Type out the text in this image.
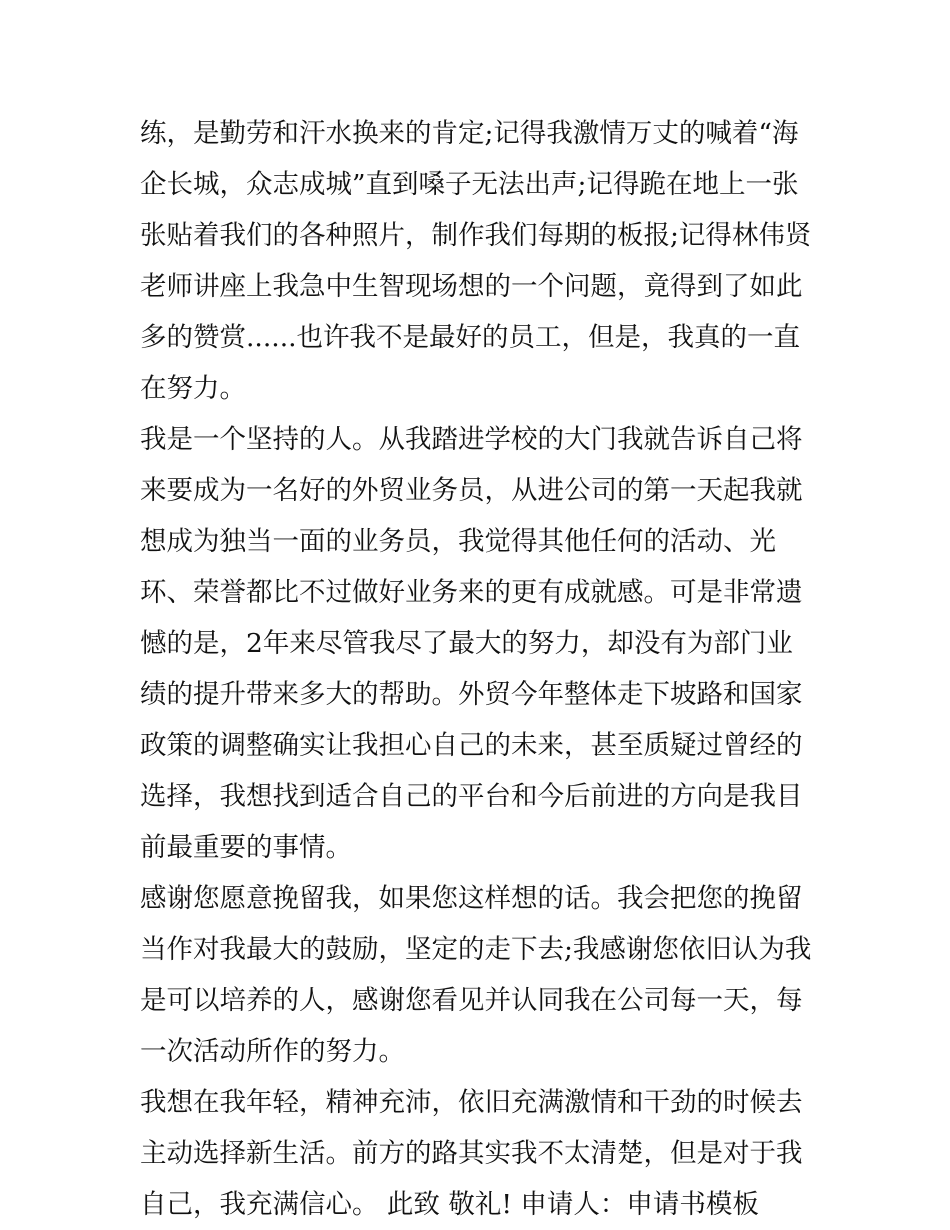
练，是勤劳和汗水换来的肯定;记得我激情万丈的喊着“海企长城，众志成城”直到嗓子无法出声;记得跪在地上一张张贴着我们的各种照片，制作我们每期的板报;记得林伟贤老师讲座上我急中生智现场想的一个问题，竟得到了如此多的赞赏......也许我不是最好的员工，但是，我真的一直在努力。

我是一个坚持的人。从我踏进学校的大门我就告诉自己将来要成为一名好的外贸业务员，从进公司的第一天起我就想成为独当一面的业务员，我觉得其他任何的活动、光环、荣誉都比不过做好业务来的更有成就感。可是非常遗憾的是，2年来尽管我尽了最大的努力，却没有为部门业绩的提升带来多大的帮助。外贸今年整体走下坡路和国家政策的调整确实让我担心自己的未来，甚至质疑过曾经的选择，我想找到适合自己的平台和今后前进的方向是我目前最重要的事情。

感谢您愿意挽留我，如果您这样想的话。我会把您的挽留当作对我最大的鼓励，坚定的走下去;我感谢您依旧认为我是可以培养的人，感谢您看见并认同我在公司每一天，每一次活动所作的努力。

我想在我年轻，精神充沛，依旧充满激情和干劲的时候去主动选择新生活。前方的路其实我不太清楚，但是对于我自己，我充满信心。 此致 敬礼! 申请人：申请书模板
